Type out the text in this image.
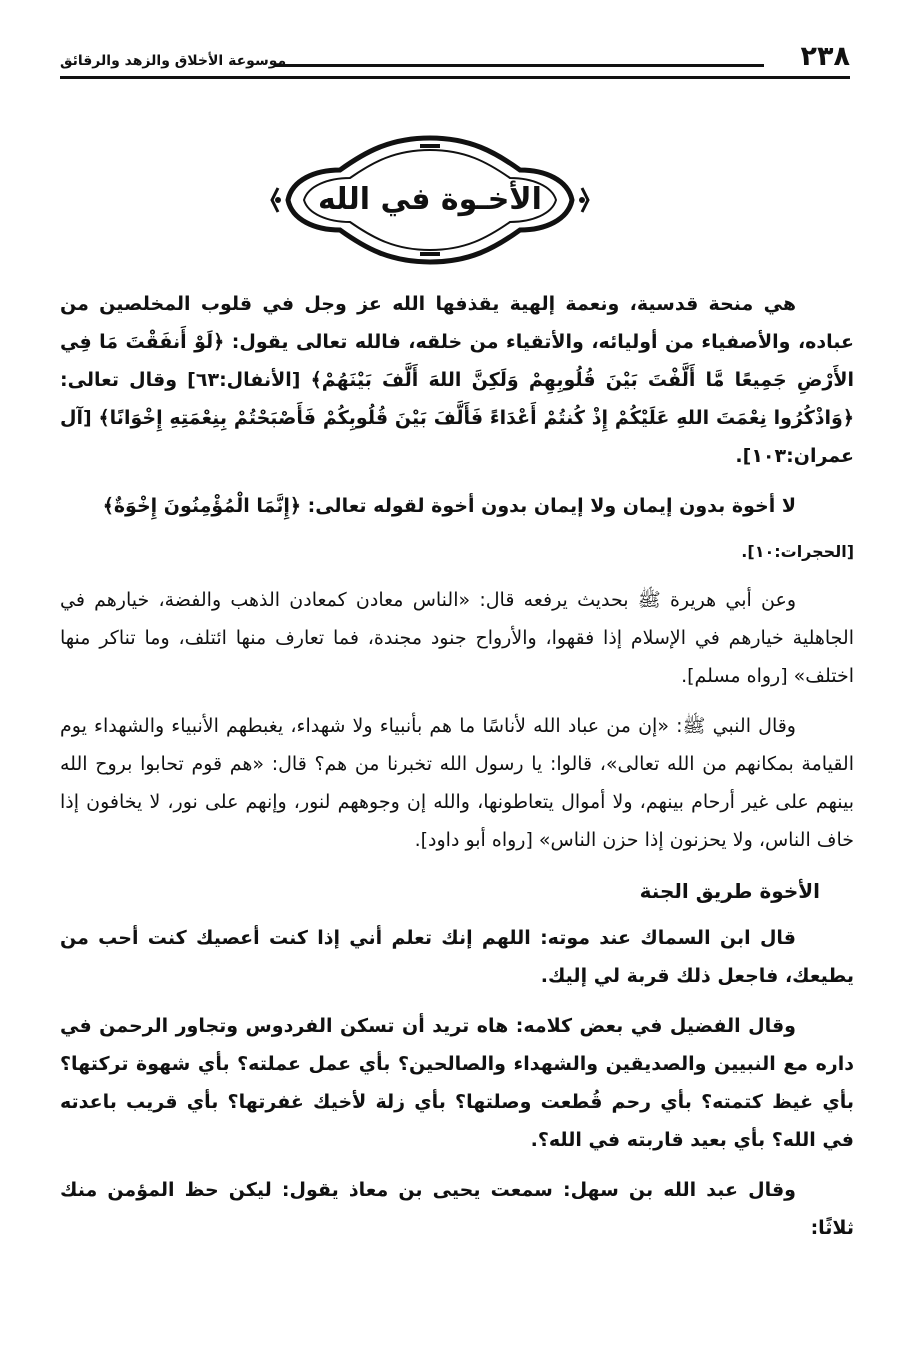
٢٣٨
موسوعة الأخلاق والزهد والرقائق
الأخـوة في الله

هي منحة قدسية، ونعمة إلهية يقذفها الله عز وجل في قلوب المخلصين من عباده، والأصفياء من أوليائه، والأتقياء من خلقه، فالله تعالى يقول: ﴿لَوْ أَنفَقْتَ مَا فِي الأَرْضِ جَمِيعًا مَّا أَلَّفْتَ بَيْنَ قُلُوبِهِمْ وَلَكِنَّ اللهَ أَلَّفَ بَيْنَهُمْ﴾ [الأنفال:٦٣] وقال تعالى: ﴿وَاذْكُرُوا نِعْمَتَ اللهِ عَلَيْكُمْ إِذْ كُنتُمْ أَعْدَاءً فَأَلَّفَ بَيْنَ قُلُوبِكُمْ فَأَصْبَحْتُمْ بِنِعْمَتِهِ إِخْوَانًا﴾ [آل عمران:١٠٣].

لا أخوة بدون إيمان ولا إيمان بدون أخوة لقوله تعالى: ﴿إِنَّمَا الْمُؤْمِنُونَ إِخْوَةٌ﴾

[الحجرات:١٠].

وعن أبي هريرة ﷺ بحديث يرفعه قال: «الناس معادن كمعادن الذهب والفضة، خيارهم في الجاهلية خيارهم في الإسلام إذا فقهوا، والأرواح جنود مجندة، فما تعارف منها ائتلف، وما تناكر منها اختلف» [رواه مسلم].

وقال النبي ﷺ: «إن من عباد الله لأناسًا ما هم بأنبياء ولا شهداء، يغبطهم الأنبياء والشهداء يوم القيامة بمكانهم من الله تعالى»، قالوا: يا رسول الله تخبرنا من هم؟ قال: «هم قوم تحابوا بروح الله بينهم على غير أرحام بينهم، ولا أموال يتعاطونها، والله إن وجوههم لنور، وإنهم على نور، لا يخافون إذا خاف الناس، ولا يحزنون إذا حزن الناس» [رواه أبو داود].

الأخوة طريق الجنة

قال ابن السماك عند موته: اللهم إنك تعلم أني إذا كنت أعصيك كنت أحب من يطيعك، فاجعل ذلك قربة لي إليك.

وقال الفضيل في بعض كلامه: هاه تريد أن تسكن الفردوس وتجاور الرحمن في داره مع النبيين والصديقين والشهداء والصالحين؟ بأي عمل عملته؟ بأي شهوة تركتها؟ بأي غيظ كتمته؟ بأي رحم قُطعت وصلتها؟ بأي زلة لأخيك غفرتها؟ بأي قريب باعدته في الله؟ بأي بعيد قاربته في الله؟.

وقال عبد الله بن سهل: سمعت يحيى بن معاذ يقول: ليكن حظ المؤمن منك ثلاثًا:
